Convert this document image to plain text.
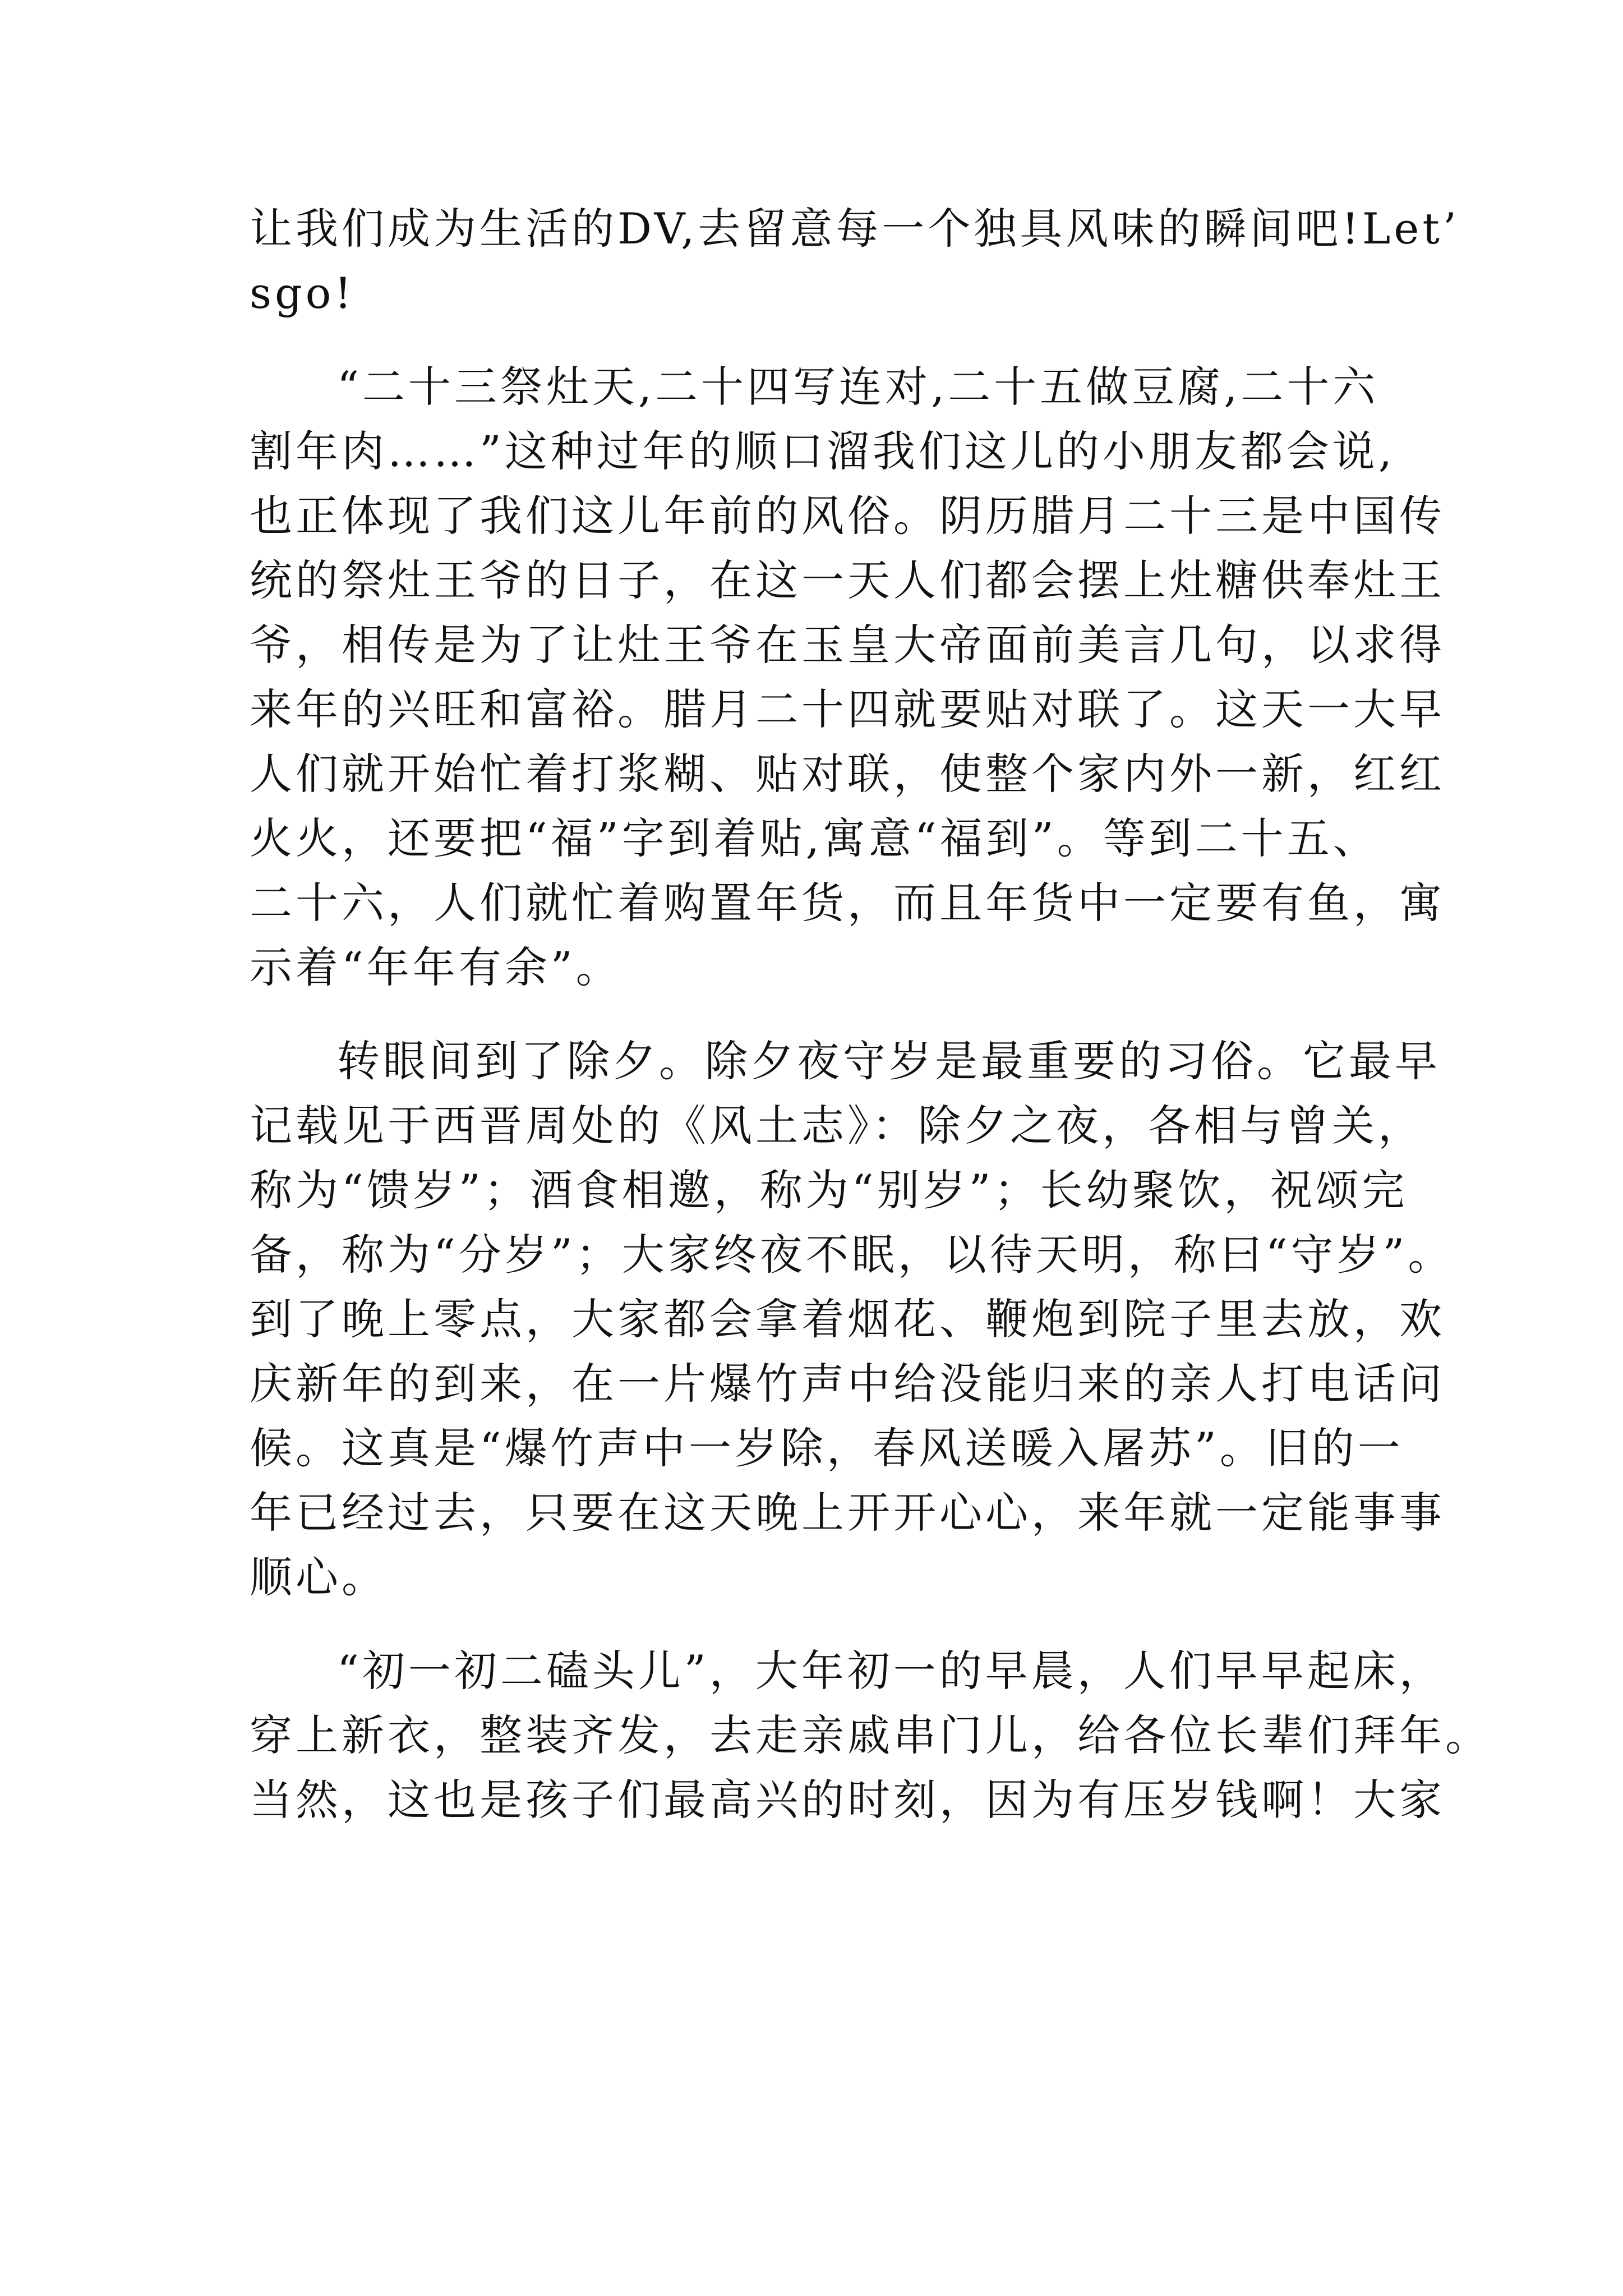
让我们成为生活的DV,去留意每一个独具风味的瞬间吧!Let’
sgo!
“二十三祭灶天,二十四写连对,二十五做豆腐,二十六
割年肉……”这种过年的顺口溜我们这儿的小朋友都会说,
也正体现了我们这儿年前的风俗。阴历腊月二十三是中国传
统的祭灶王爷的日子，在这一天人们都会摆上灶糖供奉灶王
爷，相传是为了让灶王爷在玉皇大帝面前美言几句，以求得
来年的兴旺和富裕。腊月二十四就要贴对联了。这天一大早
人们就开始忙着打浆糊、贴对联，使整个家内外一新，红红
火火，还要把“福”字到着贴,寓意“福到”。等到二十五、
二十六，人们就忙着购置年货，而且年货中一定要有鱼，寓
示着“年年有余”。
转眼间到了除夕。除夕夜守岁是最重要的习俗。它最早
记载见于西晋周处的《风土志》：除夕之夜，各相与曾关，
称为“馈岁”；酒食相邀，称为“别岁”；长幼聚饮，祝颂完
备，称为“分岁”；大家终夜不眠，以待天明，称曰“守岁”。
到了晚上零点，大家都会拿着烟花、鞭炮到院子里去放，欢
庆新年的到来，在一片爆竹声中给没能归来的亲人打电话问
候。这真是“爆竹声中一岁除，春风送暖入屠苏”。旧的一
年已经过去，只要在这天晚上开开心心，来年就一定能事事
顺心。
“初一初二磕头儿”，大年初一的早晨，人们早早起床，
穿上新衣，整装齐发，去走亲戚串门儿，给各位长辈们拜年。
当然，这也是孩子们最高兴的时刻，因为有压岁钱啊！大家
